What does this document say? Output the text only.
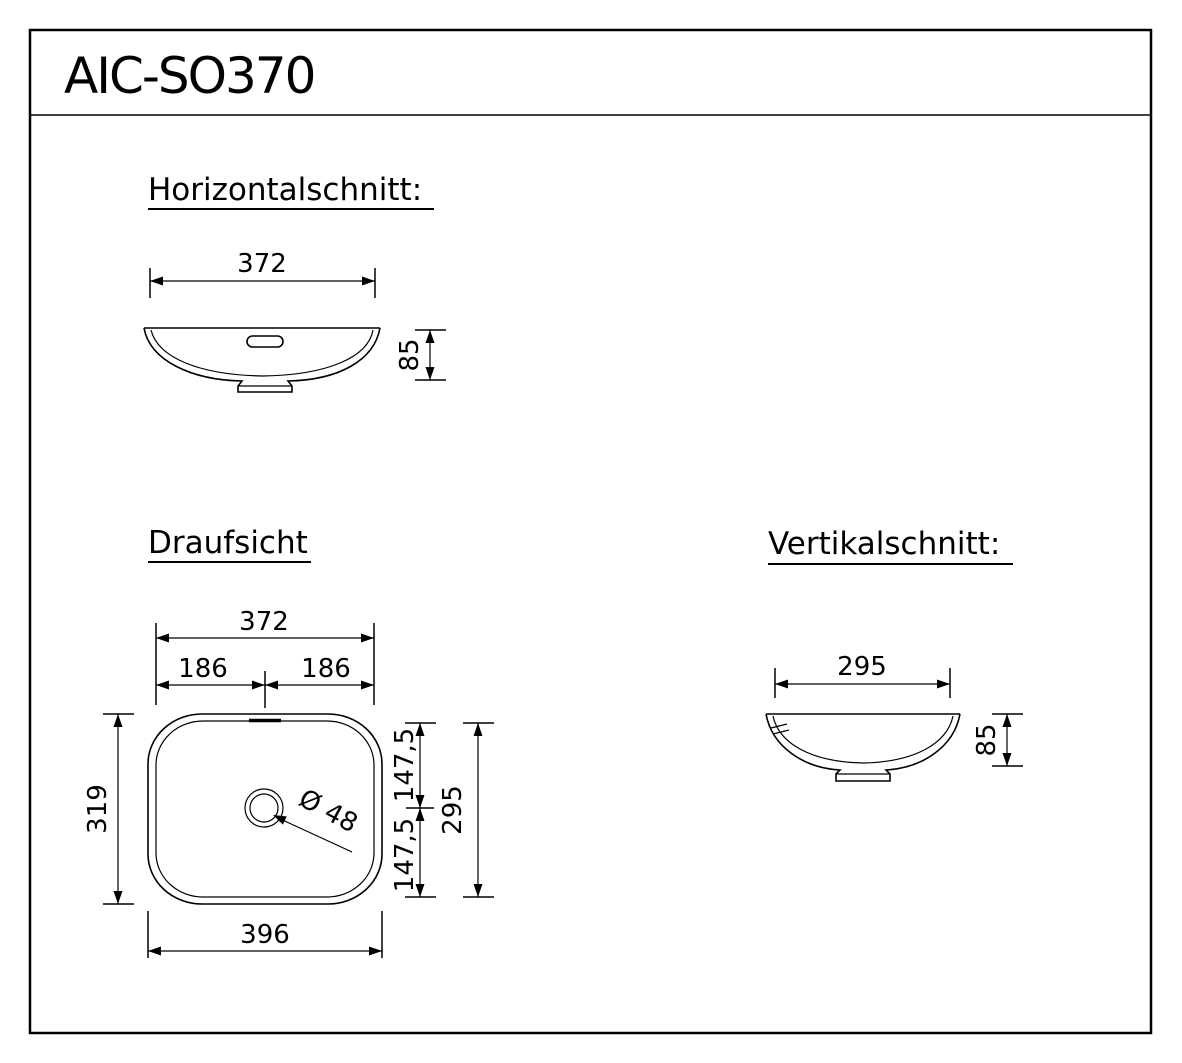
AIC-SO370
Horizontalschnitt:
372
85
Draufsicht
372
186	186
Ø 48
319
147,5
147,5
295
396
Vertikalschnitt:
295
85
